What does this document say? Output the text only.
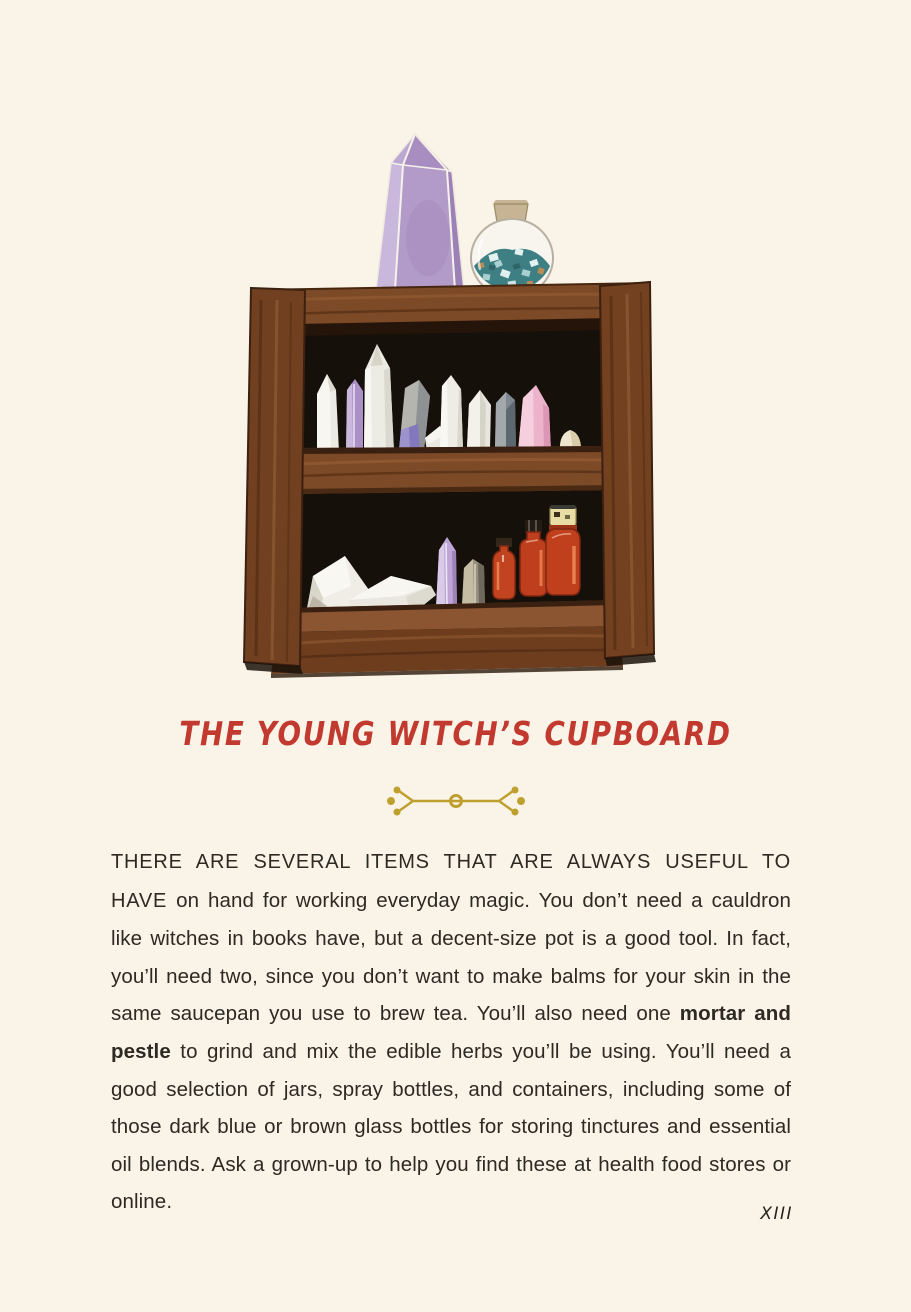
THE YOUNG WITCH’S CUPBOARD

THERE ARE SEVERAL ITEMS THAT ARE ALWAYS USEFUL TO HAVE on hand for working everyday magic. You don’t need a cauldron like witches in books have, but a decent-size pot is a good tool. In fact, you’ll need two, since you don’t want to make balms for your skin in the same saucepan you use to brew tea. You’ll also need one mortar and pestle to grind and mix the edible herbs you’ll be using. You’ll need a good selection of jars, spray bottles, and containers, including some of those dark blue or brown glass bottles for storing tinctures and essential oil blends. Ask a grown-up to help you find these at health food stores or online.

XIII
